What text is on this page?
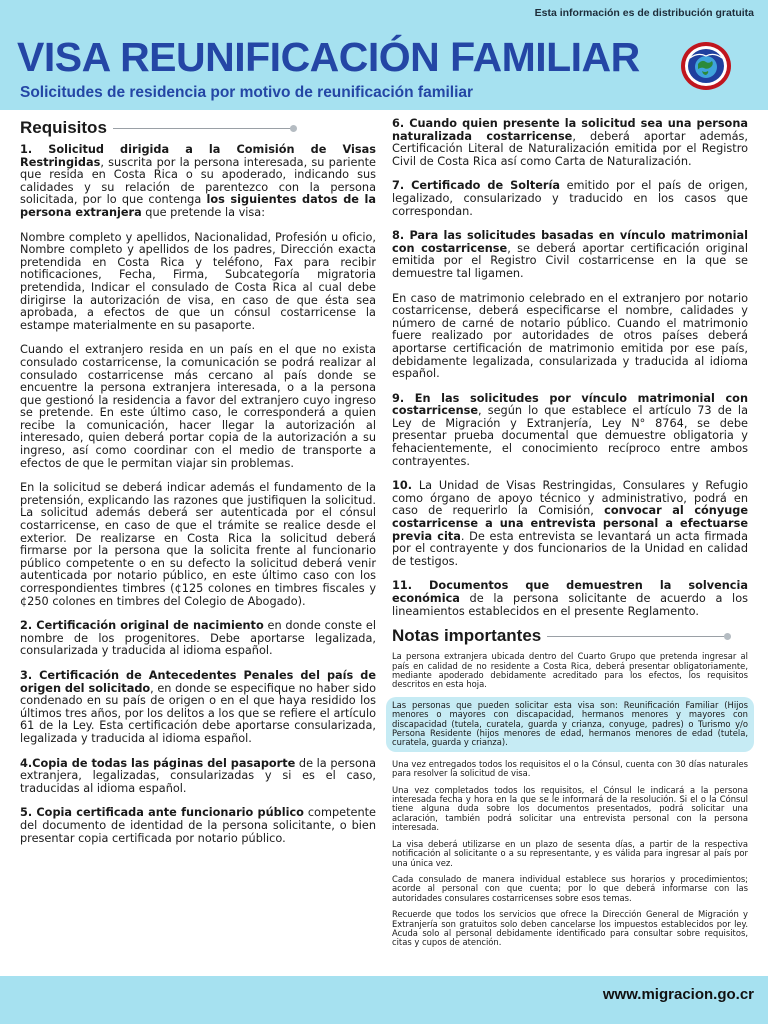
Esta información es de distribución gratuita
VISA REUNIFICACIÓN FAMILIAR
Solicitudes de residencia por motivo de reunificación familiar
Requisitos

1. Solicitud dirigida a la Comisión de Visas Restringidas, suscrita por la persona interesada, su pariente que resida en Costa Rica o su apoderado, indicando sus calidades y su relación de parentezco con la persona solicitada, por lo que contenga los siguientes datos de la persona extranjera que pretende la visa:

Nombre completo y apellidos, Nacionalidad, Profesión u oficio, Nombre completo y apellidos de los padres, Dirección exacta pretendida en Costa Rica y teléfono, Fax para recibir notificaciones, Fecha, Firma, Subcategoría migratoria pretendida, Indicar el consulado de Costa Rica al cual debe dirigirse la autorización de visa, en caso de que ésta sea aprobada, a efectos de que un cónsul costarricense la estampe materialmente en su pasaporte.

Cuando el extranjero resida en un país en el que no exista consulado costarricense, la comunicación se podrá realizar al consulado costarricense más cercano al país donde se encuentre la persona extranjera interesada, o a la persona que gestionó la residencia a favor del extranjero cuyo ingreso se pretende. En este último caso, le corresponderá a quien recibe la comunicación, hacer llegar la autorización al interesado, quien deberá portar copia de la autorización a su ingreso, así como coordinar con el medio de transporte a efectos de que le permitan viajar sin problemas.

En la solicitud se deberá indicar además el fundamento de la pretensión, explicando las razones que justifiquen la solicitud. La solicitud además deberá ser autenticada por el cónsul costarricense, en caso de que el trámite se realice desde el exterior. De realizarse en Costa Rica la solicitud deberá firmarse por la persona que la solicita frente al funcionario público competente o en su defecto la solicitud deberá venir autenticada por notario público, en este último caso con los correspondientes timbres (¢125 colones en timbres fiscales y ¢250 colones en timbres del Colegio de Abogado).

2. Certificación original de nacimiento en donde conste el nombre de los progenitores. Debe aportarse legalizada, consularizada y traducida al idioma español.

3. Certificación de Antecedentes Penales del país de origen del solicitado, en donde se especifique no haber sido condenado en su país de origen o en el que haya residido los últimos tres años, por los delitos a los que se refiere el artículo 61 de la Ley. Esta certificación debe aportarse consularizada, legalizada y traducida al idioma español.

4.Copia de todas las páginas del pasaporte de la persona extranjera, legalizadas, consularizadas y si es el caso, traducidas al idioma español.

5. Copia certificada ante funcionario público competente del documento de identidad de la persona solicitante, o bien presentar copia certificada por notario público.

6. Cuando quien presente la solicitud sea una persona naturalizada costarricense, deberá aportar además, Certificación Literal de Naturalización emitida por el Registro Civil de Costa Rica así como Carta de Naturalización.

7. Certificado de Soltería emitido por el país de origen, legalizado, consularizado y traducido en los casos que correspondan.

8. Para las solicitudes basadas en vínculo matrimonial con costarricense, se deberá aportar certificación original emitida por el Registro Civil costarricense en la que se demuestre tal ligamen.

En caso de matrimonio celebrado en el extranjero por notario costarricense, deberá especificarse el nombre, calidades y número de carné de notario público. Cuando el matrimonio fuere realizado por autoridades de otros países deberá aportarse certificación de matrimonio emitida por ese país, debidamente legalizada, consularizada y traducida al idioma español.

9. En las solicitudes por vínculo matrimonial con costarricense, según lo que establece el artículo 73 de la Ley de Migración y Extranjería, Ley N° 8764, se debe presentar prueba documental que demuestre obligatoria y fehacientemente, el conocimiento recíproco entre ambos contrayentes.

10. La Unidad de Visas Restringidas, Consulares y Refugio como órgano de apoyo técnico y administrativo, podrá en caso de requerirlo la Comisión, convocar al cónyuge costarricense a una entrevista personal a efectuarse previa cita. De esta entrevista se levantará un acta firmada por el contrayente y dos funcionarios de la Unidad en calidad de testigos.

11. Documentos que demuestren la solvencia económica de la persona solicitante de acuerdo a los lineamientos establecidos en el presente Reglamento.

Notas importantes

La persona extranjera ubicada dentro del Cuarto Grupo que pretenda ingresar al país en calidad de no residente a Costa Rica, deberá presentar obligatoriamente, mediante apoderado debidamente acreditado para los efectos, los requisitos descritos en esta hoja.

Las personas que pueden solicitar esta visa son: Reunificación Familiar (Hijos menores o mayores con discapacidad, hermanos menores y mayores con discapacidad (tutela, curatela, guarda y crianza, conyuge, padres) o Turismo y/o Persona Residente (hijos menores de edad, hermanos menores de edad (tutela, curatela, guarda y crianza).

Una vez entregados todos los requisitos el o la Cónsul, cuenta con 30 días naturales para resolver la solicitud de visa.

Una vez completados todos los requisitos, el Cónsul le indicará a la persona interesada fecha y hora en la que se le informará de la resolución. Si el o la Cónsul tiene alguna duda sobre los documentos presentados, podrá solicitar una aclaración, también podrá solicitar una entrevista personal con la persona interesada.

La visa deberá utilizarse en un plazo de sesenta días, a partir de la respectiva notificación al solicitante o a su representante, y es válida para ingresar al país por una única vez.

Cada consulado de manera individual establece sus horarios y procedimientos; acorde al personal con que cuenta; por lo que deberá informarse con las autoridades consulares costarricenses sobre esos temas.

Recuerde que todos los servicios que ofrece la Dirección General de Migración y Extranjería son gratuitos solo deben cancelarse los impuestos establecidos por ley. Acuda solo al personal debidamente identificado para consultar sobre requisitos, citas y cupos de atención.

www.migracion.go.cr
